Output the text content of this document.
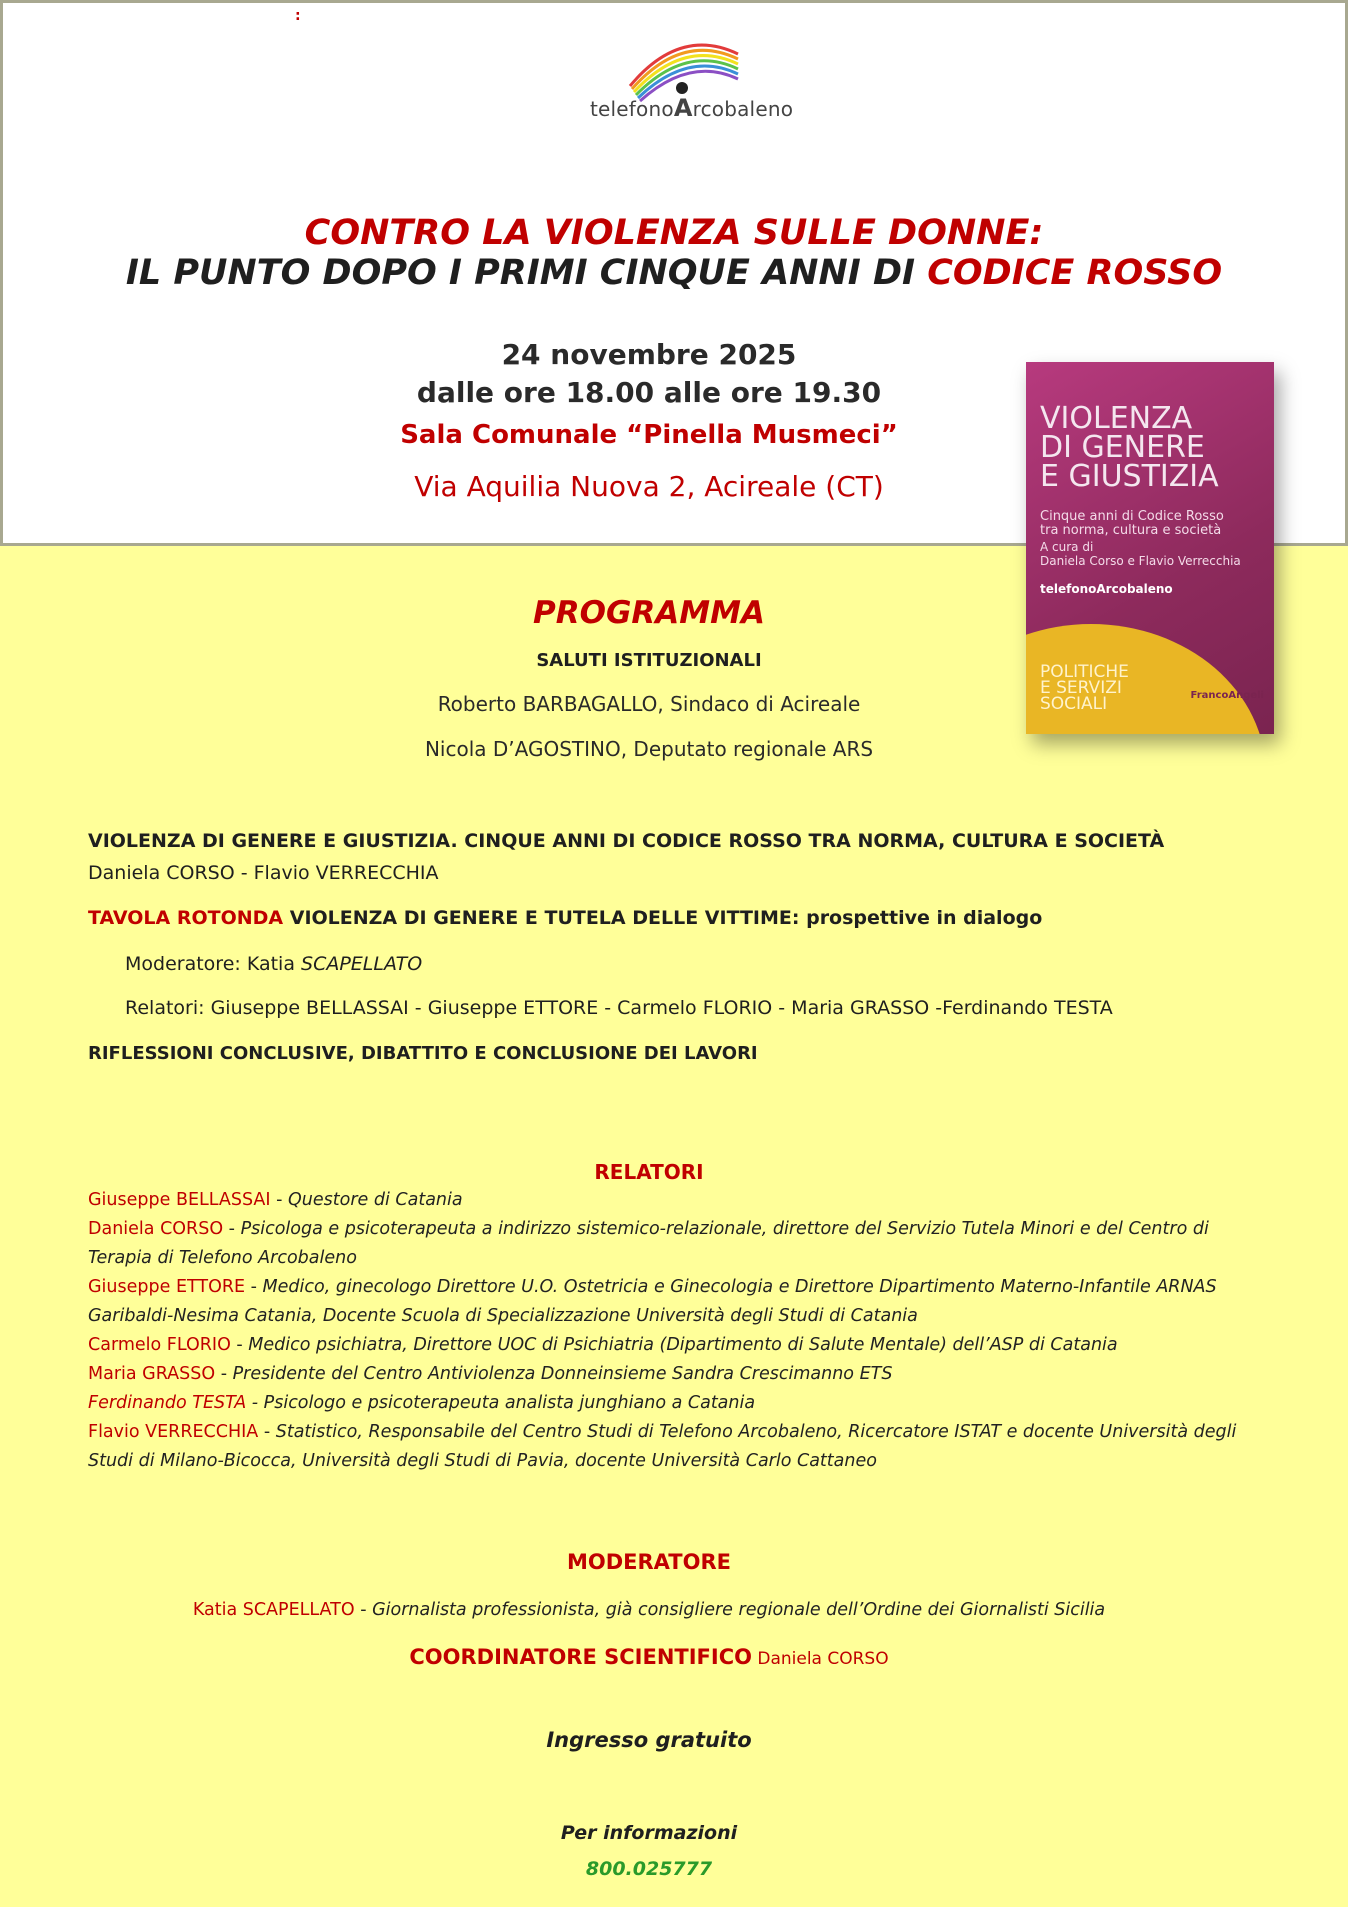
:
telefonoArcobaleno
CONTRO LA VIOLENZA SULLE DONNE:
IL PUNTO DOPO I PRIMI CINQUE ANNI DI CODICE ROSSO
24 novembre 2025
dalle ore 18.00 alle ore 19.30
Sala Comunale “Pinella Musmeci”
Via Aquilia Nuova 2, Acireale (CT)
VIOLENZA
DI GENERE
E GIUSTIZIA
Cinque anni di Codice Rosso
tra norma, cultura e società
A cura di
Daniela Corso e Flavio Verrecchia
telefonoArcobaleno
POLITICHE
E SERVIZI
SOCIALI	FrancoAngeli
PROGRAMMA
SALUTI ISTITUZIONALI
Roberto BARBAGALLO, Sindaco di Acireale
Nicola D’AGOSTINO, Deputato regionale ARS
VIOLENZA DI GENERE E GIUSTIZIA. CINQUE ANNI DI CODICE ROSSO TRA NORMA, CULTURA E SOCIETÀ
Daniela CORSO - Flavio VERRECCHIA
TAVOLA ROTONDA VIOLENZA DI GENERE E TUTELA DELLE VITTIME: prospettive in dialogo
Moderatore: Katia SCAPELLATO
Relatori: Giuseppe BELLASSAI - Giuseppe ETTORE - Carmelo FLORIO - Maria GRASSO -Ferdinando TESTA
RIFLESSIONI CONCLUSIVE, DIBATTITO E CONCLUSIONE DEI LAVORI
RELATORI
Giuseppe BELLASSAI - Questore di Catania
Daniela CORSO - Psicologa e psicoterapeuta a indirizzo sistemico-relazionale, direttore del Servizio Tutela Minori e del Centro di Terapia di Telefono Arcobaleno
Giuseppe ETTORE - Medico, ginecologo Direttore U.O. Ostetricia e Ginecologia e Direttore Dipartimento Materno-Infantile ARNAS Garibaldi-Nesima Catania, Docente Scuola di Specializzazione Università degli Studi di Catania
Carmelo FLORIO - Medico psichiatra, Direttore UOC di Psichiatria (Dipartimento di Salute Mentale) dell’ASP di Catania
Maria GRASSO - Presidente del Centro Antiviolenza Donneinsieme Sandra Crescimanno ETS
Ferdinando TESTA - Psicologo e psicoterapeuta analista junghiano a Catania
Flavio VERRECCHIA - Statistico, Responsabile del Centro Studi di Telefono Arcobaleno, Ricercatore ISTAT e docente Università degli Studi di Milano-Bicocca, Università degli Studi di Pavia, docente Università Carlo Cattaneo
MODERATORE
Katia SCAPELLATO - Giornalista professionista, già consigliere regionale dell’Ordine dei Giornalisti Sicilia
COORDINATORE SCIENTIFICO Daniela CORSO
Ingresso gratuito
Per informazioni
800.025777
